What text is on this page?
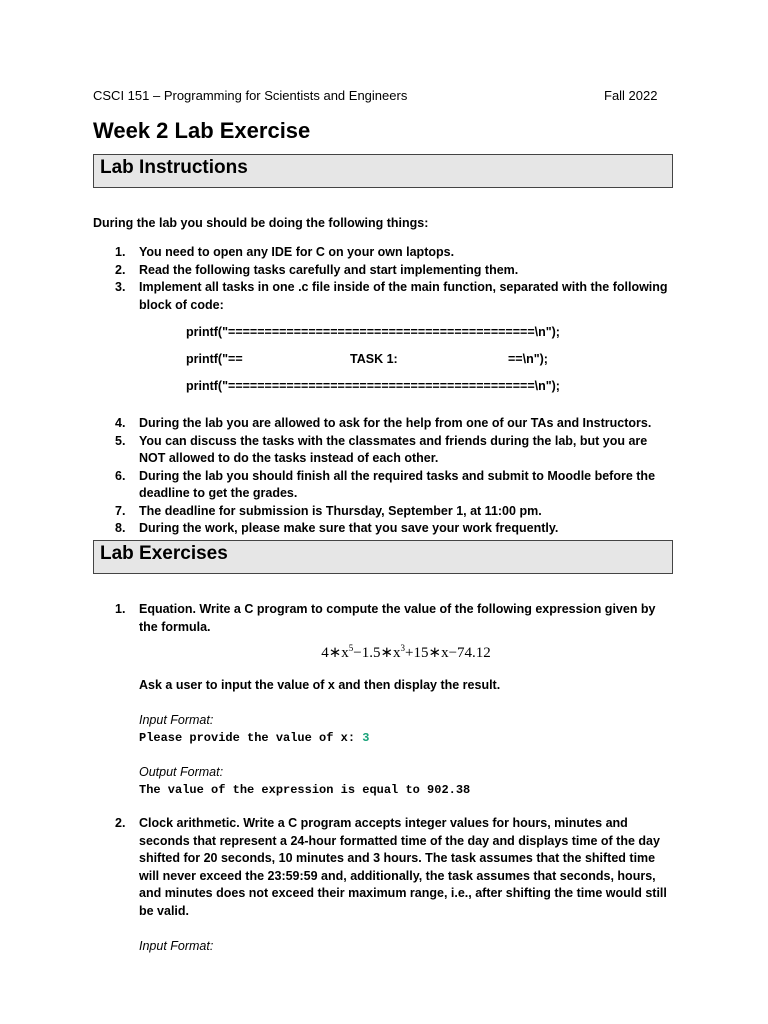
CSCI 151 – Programming for Scientists and Engineers	Fall 2022
Week 2 Lab Exercise
Lab Instructions
During the lab you should be doing the following things:
1. You need to open any IDE for C on your own laptops.
2. Read the following tasks carefully and start implementing them.
3. Implement all tasks in one .c file inside of the main function, separated with the following block of code:
printf("==========================================\n");
printf("==	TASK 1:	==\n");
printf("==========================================\n");
4. During the lab you are allowed to ask for the help from one of our TAs and Instructors.
5. You can discuss the tasks with the classmates and friends during the lab, but you are NOT allowed to do the tasks instead of each other.
6. During the lab you should finish all the required tasks and submit to Moodle before the deadline to get the grades.
7. The deadline for submission is Thursday, September 1, at 11:00 pm.
8. During the work, please make sure that you save your work frequently.
Lab Exercises
1. Equation. Write a C program to compute the value of the following expression given by the formula.
$4∗x^5-1.5∗x^3+15∗x-74.12$
Ask a user to input the value of x and then display the result.
Input Format:
Please provide the value of x: 3
Output Format:
The value of the expression is equal to 902.38
2. Clock arithmetic. Write a C program accepts integer values for hours, minutes and seconds that represent a 24-hour formatted time of the day and displays time of the day shifted for 20 seconds, 10 minutes and 3 hours. The task assumes that the shifted time will never exceed the 23:59:59 and, additionally, the task assumes that seconds, hours, and minutes does not exceed their maximum range, i.e., after shifting the time would still be valid.
Input Format:
